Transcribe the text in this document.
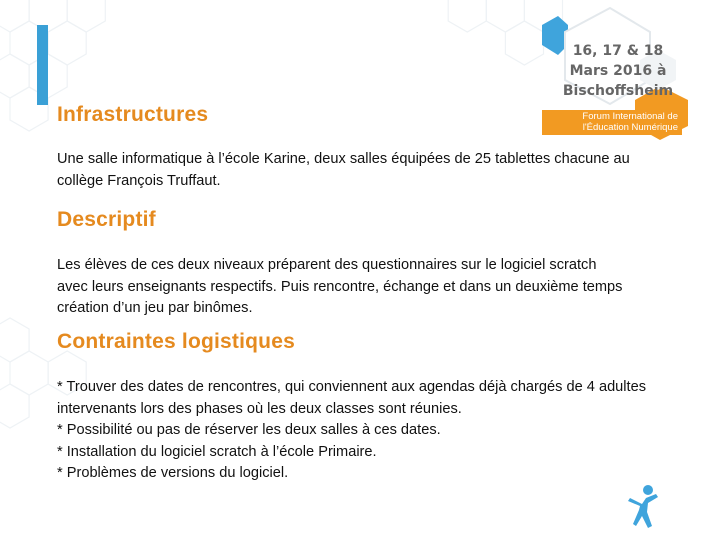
16, 17 & 18
Mars 2016 à
Bischoffsheim
Forum International de
l'Éducation Numérique
Infrastructures
Une salle informatique à l’école Karine, deux salles équipées de 25 tablettes chacune au
collège François Truffaut.
Descriptif
Les élèves de ces deux niveaux préparent des questionnaires sur le logiciel scratch
avec leurs enseignants respectifs. Puis rencontre, échange et dans un deuxième temps
création d’un jeu par binômes.
Contraintes logistiques
* Trouver des dates de rencontres, qui conviennent aux agendas déjà chargés de 4 adultes
intervenants lors des phases où les deux classes sont réunies.
* Possibilité ou pas de réserver les deux salles à ces dates.
* Installation du logiciel scratch à l’école Primaire.
* Problèmes de versions du logiciel.
